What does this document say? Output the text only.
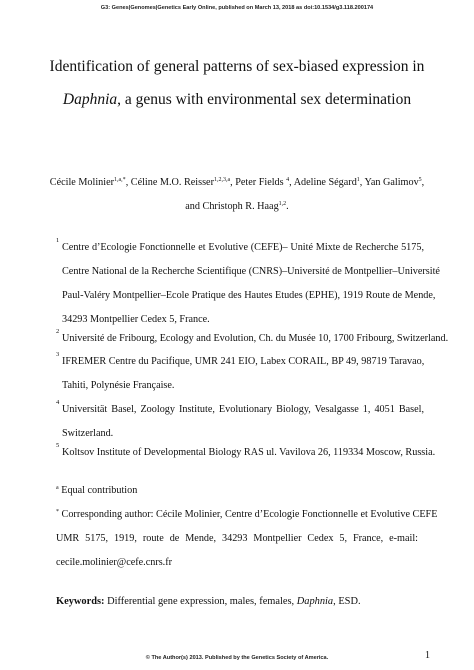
G3: Genes|Genomes|Genetics Early Online, published on March 13, 2018 as doi:10.1534/g3.118.200174
Identification of general patterns of sex-biased expression in
Daphnia, a genus with environmental sex determination
Cécile Molinier$^{1,a,*}$, Céline M.O. Reisser$^{1,2,3,a}$, Peter Fields $^4$, Adeline Ségard$^1$, Yan Galimov$^5$,
and Christoph R. Haag$^{1,2}$.
1
Centre d’Ecologie Fonctionnelle et Evolutive (CEFE)– Unité Mixte de Recherche 5175,
Centre National de la Recherche Scientifique (CNRS)–Université de Montpellier–Université
Paul-Valéry Montpellier–Ecole Pratique des Hautes Etudes (EPHE), 1919 Route de Mende,
34293 Montpellier Cedex 5, France.
2
Université de Fribourg, Ecology and Evolution, Ch. du Musée 10, 1700 Fribourg, Switzerland.
3
IFREMER Centre du Pacifique, UMR 241 EIO, Labex CORAIL, BP 49, 98719 Taravao,
Tahiti, Polynésie Française.
4
Universität Basel, Zoology Institute, Evolutionary Biology, Vesalgasse 1, 4051 Basel,
Switzerland.
5
Koltsov Institute of Developmental Biology RAS ul. Vavilova 26, 119334 Moscow, Russia.
$^a$ Equal contribution
* Corresponding author: Cécile Molinier, Centre d’Ecologie Fonctionnelle et Evolutive CEFE
UMR 5175, 1919, route de Mende, 34293 Montpellier Cedex 5, France, e-mail:
cecile.molinier@cefe.cnrs.fr
Keywords: Differential gene expression, males, females, Daphnia, ESD.
1
© The Author(s) 2013. Published by the Genetics Society of America.
